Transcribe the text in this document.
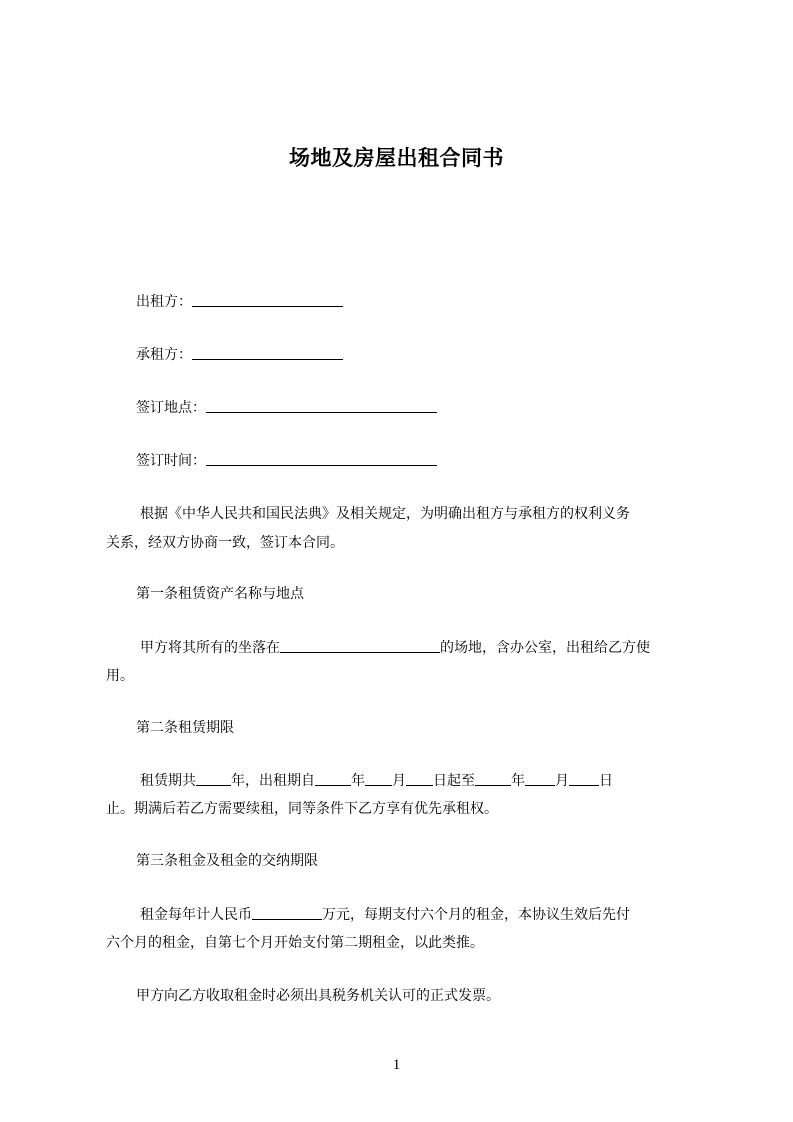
场地及房屋出租合同书
出租方：
承租方：
签订地点：
签订时间：
根据《中华人民共和国民法典》及相关规定，为明确出租方与承租方的权利义务
关系，经双方协商一致，签订本合同。
第一条租赁资产名称与地点
甲方将其所有的坐落在	的场地，含办公室，出租给乙方使
用。
第二条租赁期限
租赁期共	年，出租期自	年 月 日起至	年 月 日
止。期满后若乙方需要续租，同等条件下乙方享有优先承租权。
第三条租金及租金的交纳期限
租金每年计人民币	万元，每期支付六个月的租金，本协议生效后先付
六个月的租金，自第七个月开始支付第二期租金，以此类推。
甲方向乙方收取租金时必须出具税务机关认可的正式发票。
1
